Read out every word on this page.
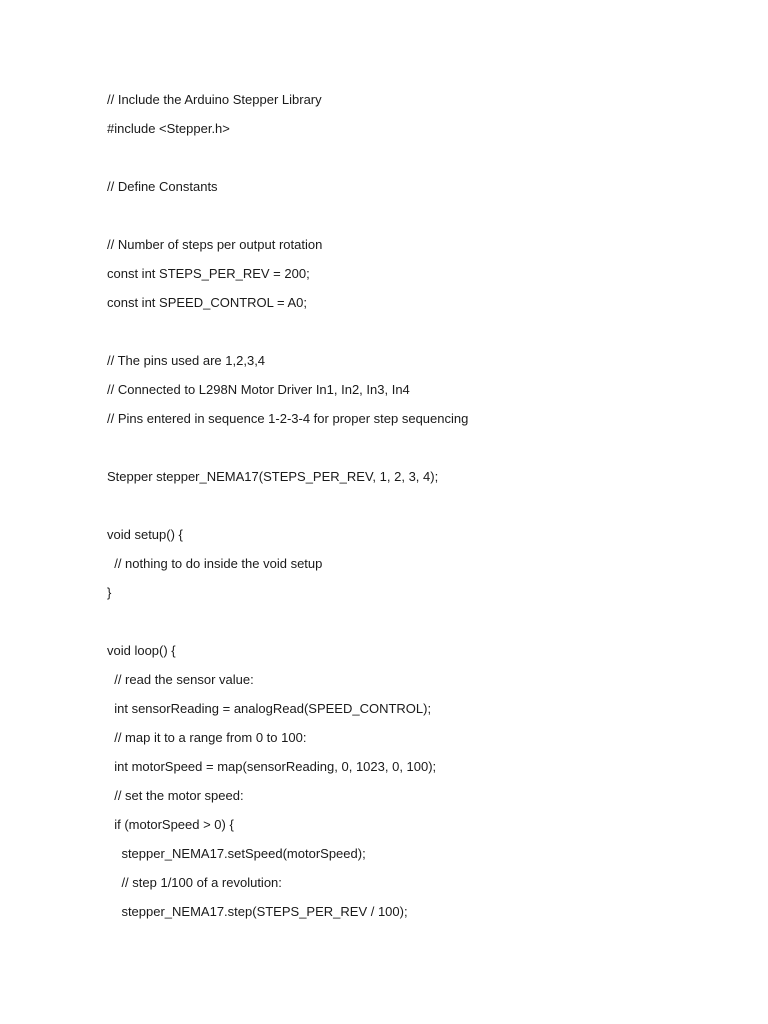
// Include the Arduino Stepper Library
#include <Stepper.h>
// Define Constants
// Number of steps per output rotation
const int STEPS_PER_REV = 200;
const int SPEED_CONTROL = A0;
// The pins used are 1,2,3,4
// Connected to L298N Motor Driver In1, In2, In3, In4
// Pins entered in sequence 1-2-3-4 for proper step sequencing
Stepper stepper_NEMA17(STEPS_PER_REV, 1, 2, 3, 4);
void setup() {
// nothing to do inside the void setup
}
void loop() {
// read the sensor value:
int sensorReading = analogRead(SPEED_CONTROL);
// map it to a range from 0 to 100:
int motorSpeed = map(sensorReading, 0, 1023, 0, 100);
// set the motor speed:
if (motorSpeed > 0) {
stepper_NEMA17.setSpeed(motorSpeed);
// step 1/100 of a revolution:
stepper_NEMA17.step(STEPS_PER_REV / 100);
